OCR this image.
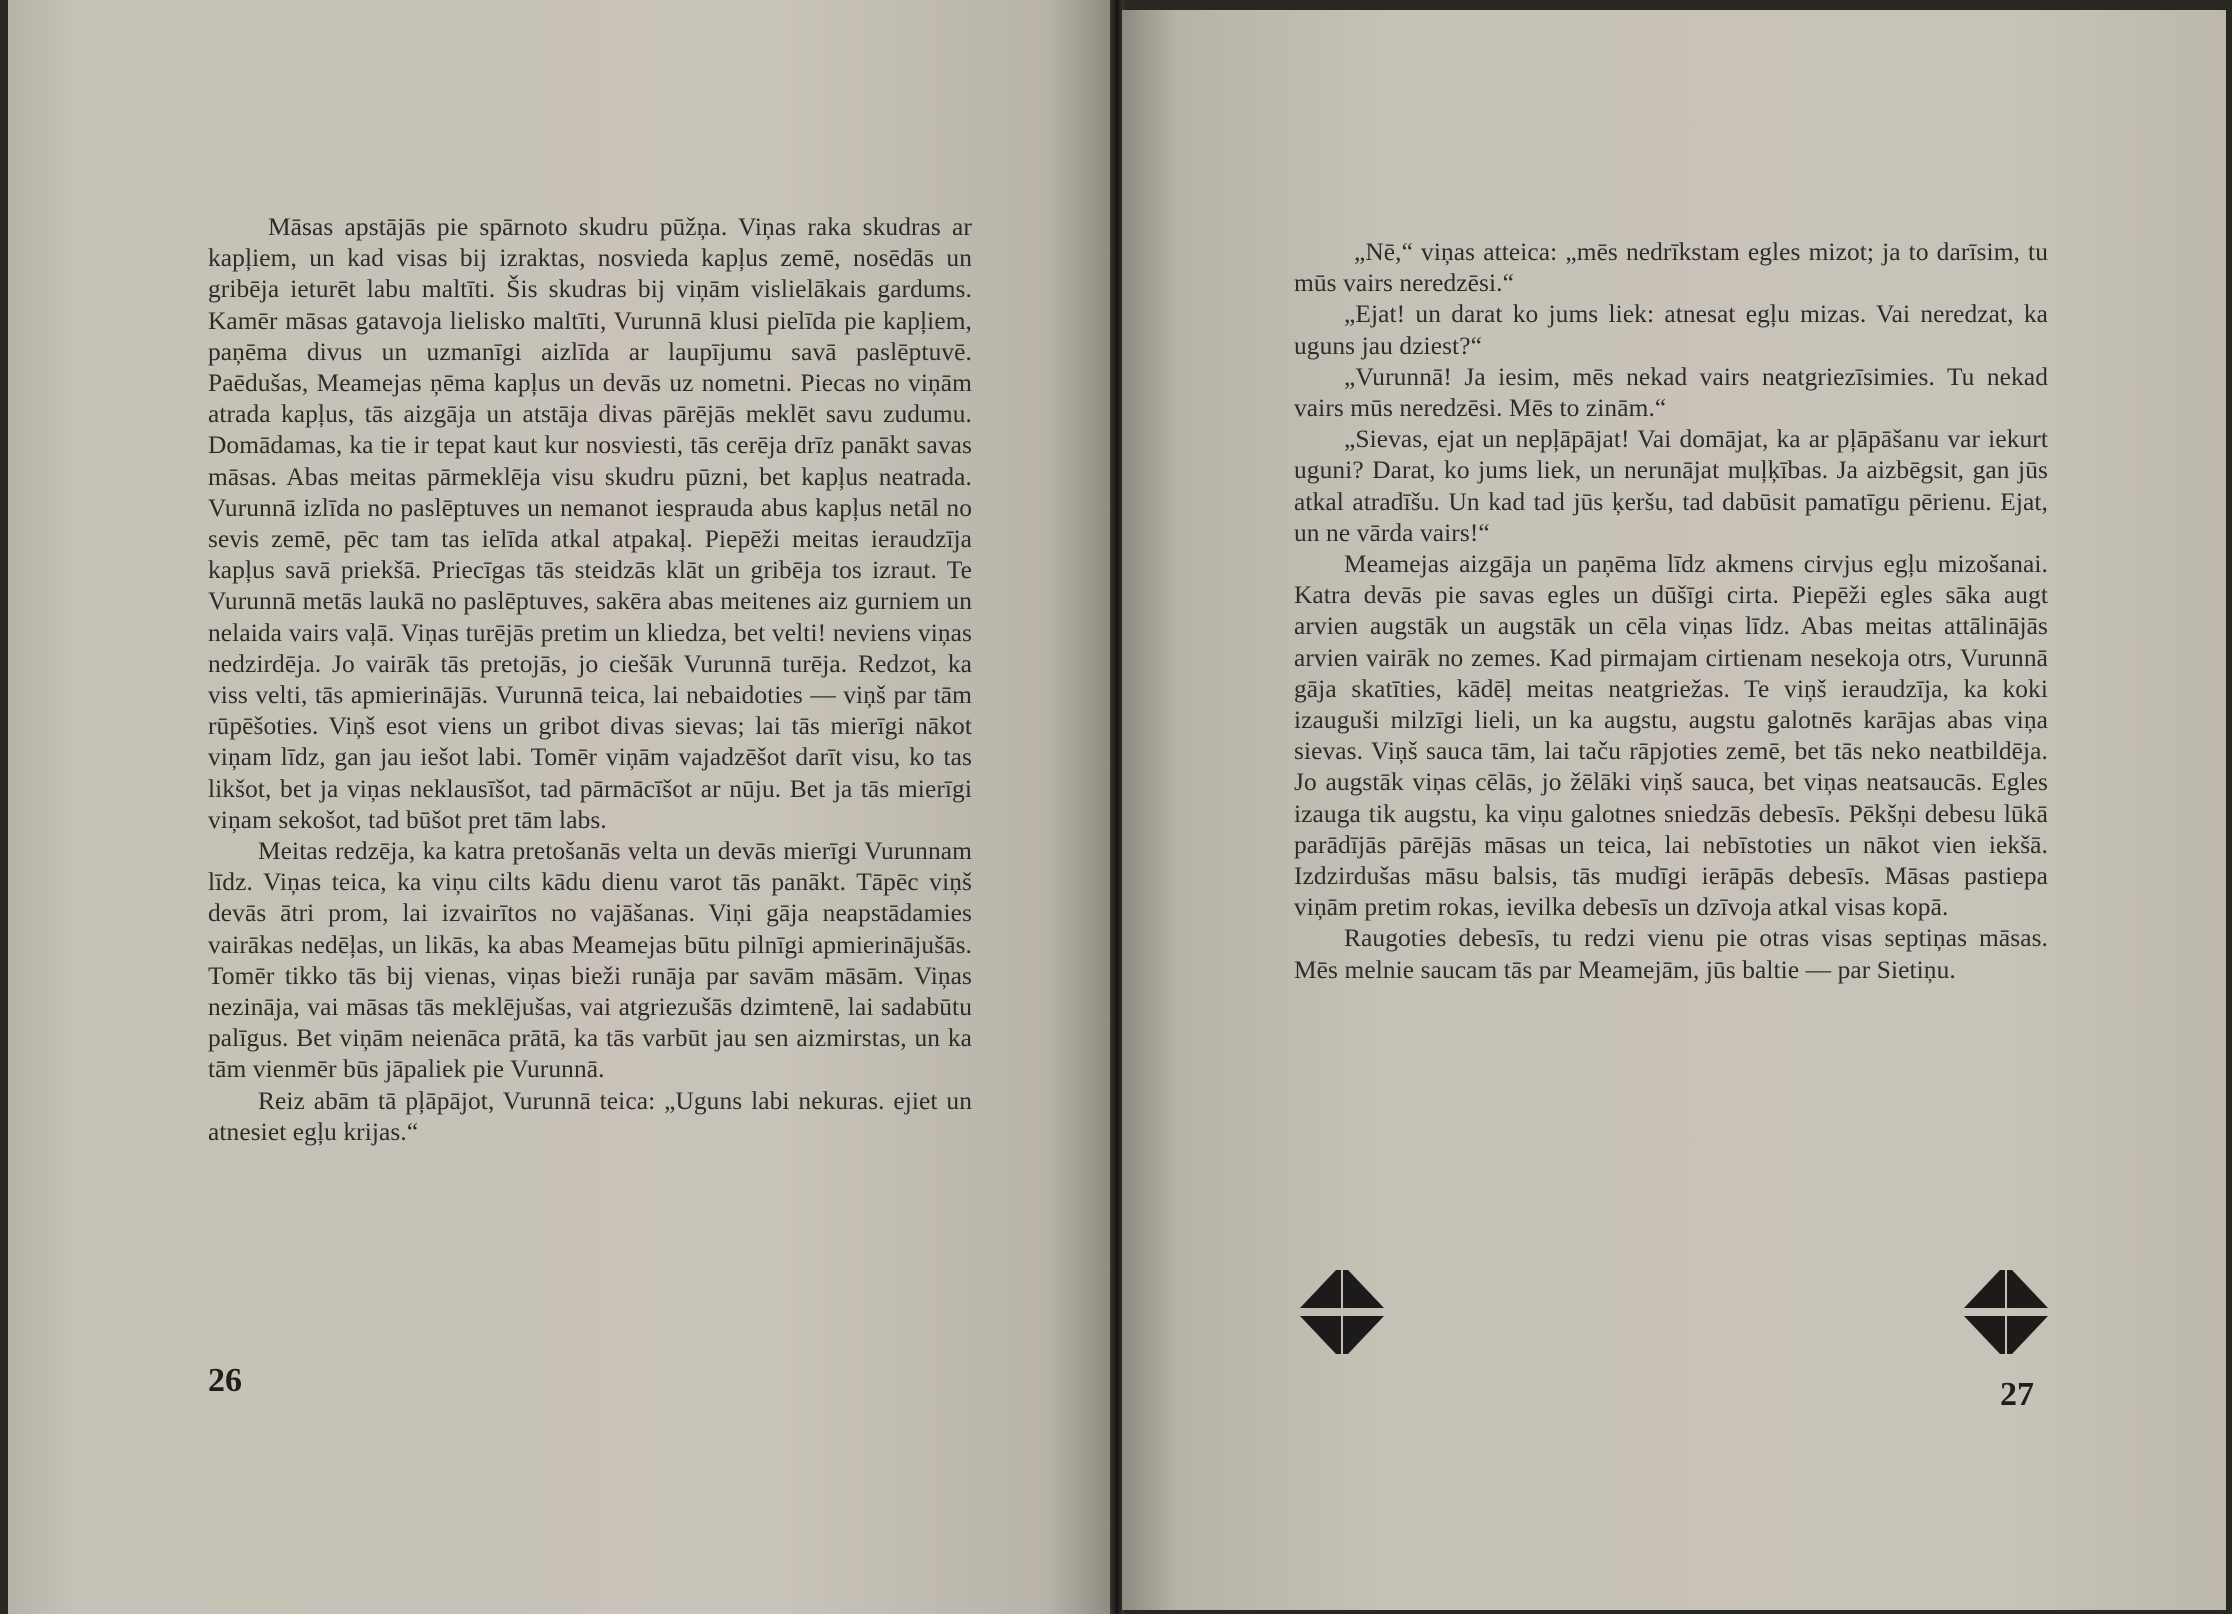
Māsas apstājās pie spārnoto skudru pūžņa. Viņas raka skudras ar kapļiem, un kad visas bij izraktas, nosvieda kapļus zemē, nosēdās un gribēja ieturēt labu maltīti. Šis skudras bij viņām vislielākais gardums. Kamēr māsas gatavoja lielisko maltīti, Vurunnā klusi pielīda pie kapļiem, paņēma divus un uzmanīgi aizlīda ar laupījumu savā paslēptuvē. Paēdušas, Meamejas ņēma kapļus un devās uz nometni. Piecas no viņām atrada kapļus, tās aizgāja un atstāja divas pārējās meklēt savu zudumu. Domādamas, ka tie ir tepat kaut kur nosviesti, tās cerēja drīz panākt savas māsas. Abas meitas pārmeklēja visu skudru pūzni, bet kapļus neatrada. Vurunnā izlīda no paslēptuves un nemanot iesprauda abus kapļus netāl no sevis zemē, pēc tam tas ielīda atkal atpakaļ. Piepēži meitas ieraudzīja kapļus savā priekšā. Priecīgas tās steidzās klāt un gribēja tos izraut. Te Vurunnā metās laukā no paslēptuves, sakēra abas meitenes aiz gurniem un nelaida vairs vaļā. Viņas turējās pretim un kliedza, bet velti! neviens viņas nedzirdēja. Jo vairāk tās pretojās, jo ciešāk Vurunnā turēja. Redzot, ka viss velti, tās apmierinājās. Vurunnā teica, lai nebaidoties — viņš par tām rūpēšoties. Viņš esot viens un gribot divas sievas; lai tās mierīgi nākot viņam līdz, gan jau iešot labi. Tomēr viņām vajadzēšot darīt visu, ko tas likšot, bet ja viņas neklausīšot, tad pārmācīšot ar nūju. Bet ja tās mierīgi viņam sekošot, tad būšot pret tām labs.

Meitas redzēja, ka katra pretošanās velta un devās mierīgi Vurunnam līdz. Viņas teica, ka viņu cilts kādu dienu varot tās panākt. Tāpēc viņš devās ātri prom, lai izvairītos no vajāšanas. Viņi gāja neapstādamies vairākas nedēļas, un likās, ka abas Meamejas būtu pilnīgi apmierinājušās. Tomēr tikko tās bij vienas, viņas bieži runāja par savām māsām. Viņas nezināja, vai māsas tās meklējušas, vai atgriezušās dzimtenē, lai sadabūtu palīgus. Bet viņām neienāca prātā, ka tās varbūt jau sen aizmirstas, un ka tām vienmēr būs jāpaliek pie Vurunnā.

Reiz abām tā pļāpājot, Vurunnā teica: „Uguns labi nekuras. ejiet un atnesiet egļu krijas.“

26

„Nē,“ viņas atteica: „mēs nedrīkstam egles mizot; ja to darīsim, tu mūs vairs neredzēsi.“

„Ejat! un darat ko jums liek: atnesat egļu mizas. Vai neredzat, ka uguns jau dziest?“

„Vurunnā! Ja iesim, mēs nekad vairs neatgriezīsimies. Tu nekad vairs mūs neredzēsi. Mēs to zinām.“

„Sievas, ejat un nepļāpājat! Vai domājat, ka ar pļāpāšanu var iekurt uguni? Darat, ko jums liek, un nerunājat muļķības. Ja aizbēgsit, gan jūs atkal atradīšu. Un kad tad jūs ķeršu, tad dabūsit pamatīgu pērienu. Ejat, un ne vārda vairs!“

Meamejas aizgāja un paņēma līdz akmens cirvjus egļu mizošanai. Katra devās pie savas egles un dūšīgi cirta. Piepēži egles sāka augt arvien augstāk un augstāk un cēla viņas līdz. Abas meitas attālinājās arvien vairāk no zemes. Kad pirmajam cirtienam nesekoja otrs, Vurunnā gāja skatīties, kādēļ meitas neatgriežas. Te viņš ieraudzīja, ka koki izauguši milzīgi lieli, un ka augstu, augstu galotnēs karājas abas viņa sievas. Viņš sauca tām, lai taču rāpjoties zemē, bet tās neko neatbildēja. Jo augstāk viņas cēlās, jo žēlāki viņš sauca, bet viņas neatsaucās. Egles izauga tik augstu, ka viņu galotnes sniedzās debesīs. Pēkšņi debesu lūkā parādījās pārējās māsas un teica, lai nebīstoties un nākot vien iekšā. Izdzirdušas māsu balsis, tās mudīgi ierāpās debesīs. Māsas pastiepa viņām pretim rokas, ievilka debesīs un dzīvoja atkal visas kopā.

Raugoties debesīs, tu redzi vienu pie otras visas septiņas māsas. Mēs melnie saucam tās par Meamejām, jūs baltie — par Sietiņu.

27
